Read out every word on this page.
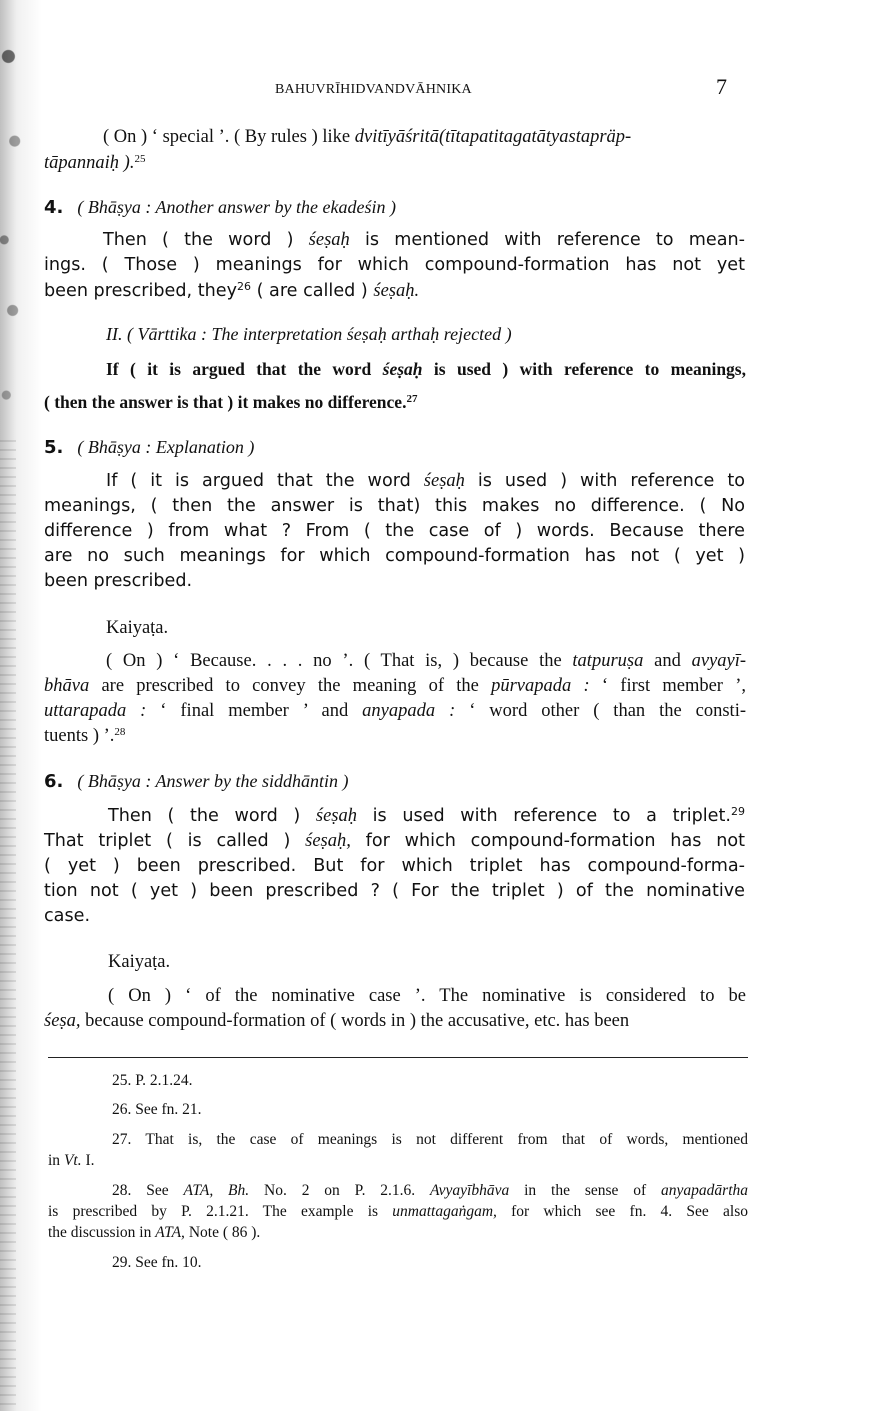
BAHUVRĪHIDVANDVĀHNIKA	7
( On ) ‘ special ’. ( By rules ) like dvitīyāśritā(tītapatitagatātyastapräp-
tāpannaiḥ ).$^{25}$
4. ( Bhāṣya : Another answer by the ekadeśin )
Then ( the word ) śeṣaḥ is mentioned with reference to mean-
ings. ( Those ) meanings for which compound-formation has not yet
been prescribed, they$^{26}$ ( are called ) śeṣaḥ.
II. ( Vārttika : The interpretation śeṣaḥ arthaḥ rejected )
If ( it is argued that the word śeṣaḥ is used ) with reference to meanings,
( then the answer is that ) it makes no difference.$^{27}$
5. ( Bhāṣya : Explanation )
If ( it is argued that the word śeṣaḥ is used ) with reference to
meanings, ( then the answer is that) this makes no difference. ( No
difference ) from what ? From ( the case of ) words. Because there
are no such meanings for which compound-formation has not ( yet )
been prescribed.
Kaiyaṭa.
( On ) ‘ Because. . . . no ’. ( That is, ) because the tatpuruṣa and avyayī-
bhāva are prescribed to convey the meaning of the pūrvapada : ‘ first member ’,
uttarapada : ‘ final member ’ and anyapada : ‘ word other ( than the consti-
tuents ) ’.$^{28}$
6. ( Bhāṣya : Answer by the siddhāntin )
Then ( the word ) śeṣaḥ is used with reference to a triplet.$^{29}$
That triplet ( is called ) śeṣaḥ, for which compound-formation has not
( yet ) been prescribed. But for which triplet has compound-forma-
tion not ( yet ) been prescribed ? ( For the triplet ) of the nominative
case.
Kaiyaṭa.
( On ) ‘ of the nominative case ’. The nominative is considered to be
śeṣa, because compound-formation of ( words in ) the accusative, etc. has been
25. P. 2.1.24.
26. See fn. 21.
27. That is, the case of meanings is not different from that of words, mentioned
in Vt. I.
28. See ATA, Bh. No. 2 on P. 2.1.6. Avyayībhāva in the sense of anyapadārtha
is prescribed by P. 2.1.21. The example is unmattagaṅgam, for which see fn. 4. See also
the discussion in ATA, Note ( 86 ).
29. See fn. 10.
